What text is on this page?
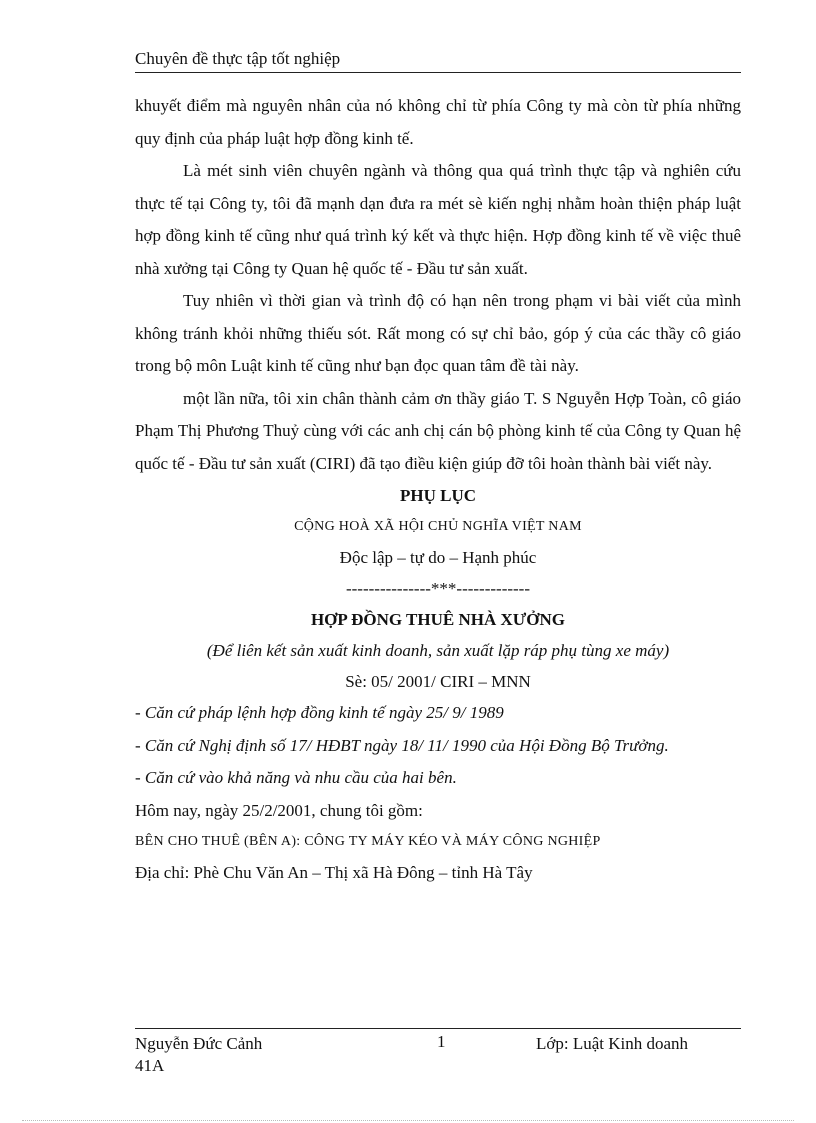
Chuyên đề thực tập tốt nghiệp

khuyết điểm mà nguyên nhân của nó không chỉ từ phía Công ty mà còn từ phía những quy định của pháp luật hợp đồng kinh tế.

Là mét sinh viên chuyên ngành và thông qua quá trình thực tập và nghiên cứu thực tế tại Công ty, tôi đã mạnh dạn đưa ra mét sè kiến nghị nhằm hoàn thiện pháp luật hợp đồng kinh tế cũng như quá trình ký kết và thực hiện. Hợp đồng kinh tế về việc thuê nhà xưởng tại Công ty Quan hệ quốc tế - Đầu tư sản xuất.

Tuy nhiên vì thời gian và trình độ có hạn nên trong phạm vi bài viết của mình không tránh khỏi những thiếu sót. Rất mong có sự chỉ bảo, góp ý của các thầy cô giáo trong bộ môn Luật kinh tế cũng như bạn đọc quan tâm đề tài này.

một lần nữa, tôi xin chân thành cảm ơn thầy giáo T. S Nguyễn Hợp Toàn, cô giáo Phạm Thị Phương Thuỷ cùng với các anh chị cán bộ phòng kinh tế của Công ty Quan hệ quốc tế - Đầu tư sản xuất (CIRI) đã tạo điều kiện giúp đỡ tôi hoàn thành bài viết này.

PHỤ LỤC

CỘNG HOÀ XÃ HỘI CHỦ NGHĨA VIỆT NAM

Độc lập – tự do – Hạnh phúc

---------------***-------------

HỢP ĐỒNG THUÊ NHÀ XƯỞNG

(Để liên kết sản xuất kinh doanh, sản xuất lặp ráp phụ tùng xe máy)

Sè: 05/ 2001/ CIRI – MNN

- Căn cứ pháp lệnh hợp đồng kinh tế ngày 25/ 9/ 1989

- Căn cứ Nghị định số 17/ HĐBT ngày 18/ 11/ 1990 của Hội Đồng Bộ Trưởng.

- Căn cứ vào khả năng và nhu cầu của hai bên.

Hôm nay, ngày 25/2/2001, chung tôi gồm:

BÊN CHO THUÊ (BÊN A): CÔNG TY MÁY KÉO VÀ MÁY CÔNG NGHIỆP

Địa chỉ: Phè Chu Văn An – Thị xã Hà Đông – tỉnh Hà Tây

Nguyễn Đức Cảnh 41A
1	Lớp: Luật Kinh doanh
